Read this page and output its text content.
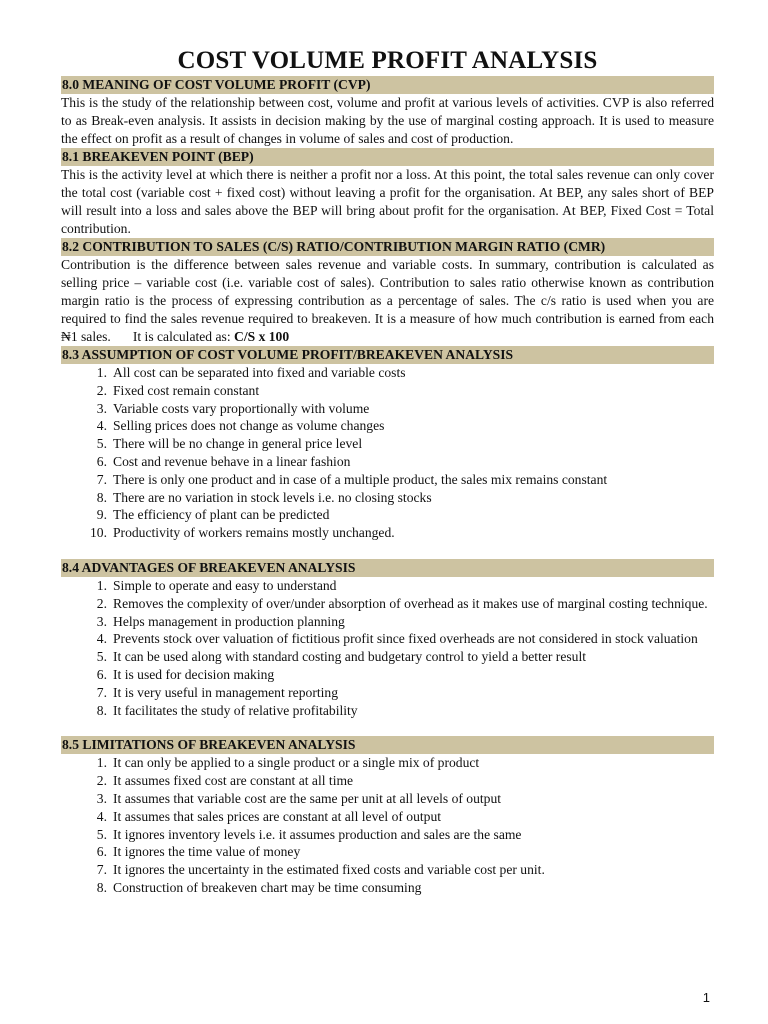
COST VOLUME PROFIT ANALYSIS
8.0 MEANING OF COST VOLUME PROFIT (CVP)

This is the study of the relationship between cost, volume and profit at various levels of activities. CVP is also referred to as Break-even analysis. It assists in decision making by the use of marginal costing approach. It is used to measure the effect on profit as a result of changes in volume of sales and cost of production.

8.1 BREAKEVEN POINT (BEP)

This is the activity level at which there is neither a profit nor a loss. At this point, the total sales revenue can only cover the total cost (variable cost + fixed cost) without leaving a profit for the organisation. At BEP, any sales short of BEP will result into a loss and sales above the BEP will bring about profit for the organisation. At BEP, Fixed Cost = Total contribution.

8.2 CONTRIBUTION TO SALES (C/S) RATIO/CONTRIBUTION MARGIN RATIO (CMR)

Contribution is the difference between sales revenue and variable costs. In summary, contribution is calculated as selling price – variable cost (i.e. variable cost of sales). Contribution to sales ratio otherwise known as contribution margin ratio is the process of expressing contribution as a percentage of sales. The c/s ratio is used when you are required to find the sales revenue required to breakeven. It is a measure of how much contribution is earned from each ₦1 sales. It is calculated as: C/S x 100

8.3 ASSUMPTION OF COST VOLUME PROFIT/BREAKEVEN ANALYSIS
1. All cost can be separated into fixed and variable costs
2. Fixed cost remain constant
3. Variable costs vary proportionally with volume
4. Selling prices does not change as volume changes
5. There will be no change in general price level
6. Cost and revenue behave in a linear fashion
7. There is only one product and in case of a multiple product, the sales mix remains constant
8. There are no variation in stock levels i.e. no closing stocks
9. The efficiency of plant can be predicted
10. Productivity of workers remains mostly unchanged.
8.4 ADVANTAGES OF BREAKEVEN ANALYSIS
1. Simple to operate and easy to understand
2. Removes the complexity of over/under absorption of overhead as it makes use of marginal costing technique.
3. Helps management in production planning
4. Prevents stock over valuation of fictitious profit since fixed overheads are not considered in stock valuation
5. It can be used along with standard costing and budgetary control to yield a better result
6. It is used for decision making
7. It is very useful in management reporting
8. It facilitates the study of relative profitability
8.5 LIMITATIONS OF BREAKEVEN ANALYSIS
1. It can only be applied to a single product or a single mix of product
2. It assumes fixed cost are constant at all time
3. It assumes that variable cost are the same per unit at all levels of output
4. It assumes that sales prices are constant at all level of output
5. It ignores inventory levels i.e. it assumes production and sales are the same
6. It ignores the time value of money
7. It ignores the uncertainty in the estimated fixed costs and variable cost per unit.
8. Construction of breakeven chart may be time consuming
1
